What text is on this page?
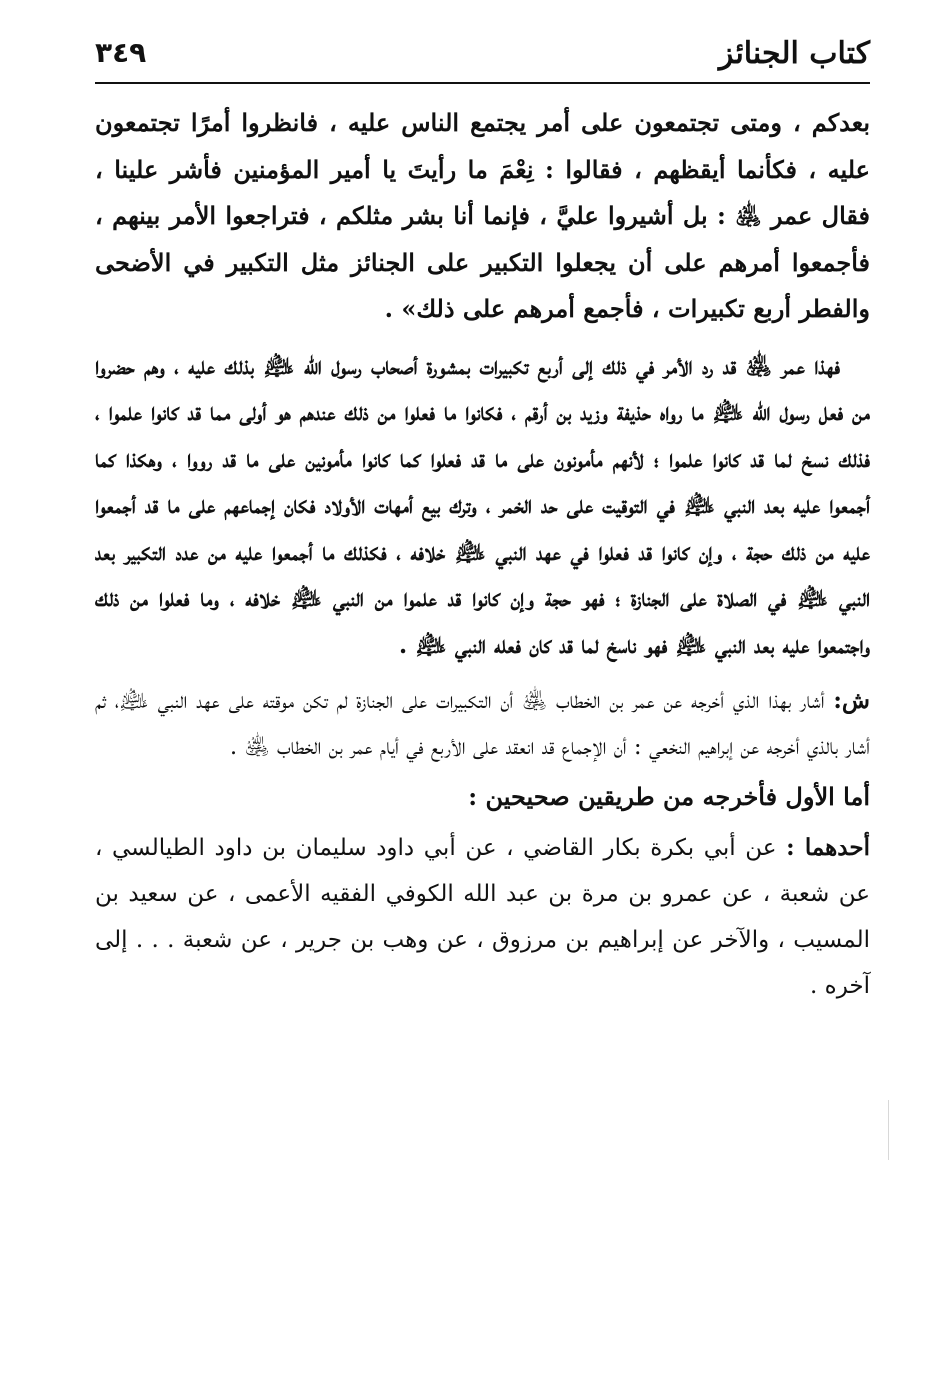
كتاب الجنائز
٣٤٩

بعدكم ، ومتى تجتمعون على أمر يجتمع الناس عليه ، فانظروا أمرًا تجتمعون عليه ، فكأنما أيقظهم ، فقالوا : نِعْمَ ما رأيتَ يا أمير المؤمنين فأشر علينا ، فقال عمر ﵁ : بل أشيروا عليَّ ، فإنما أنا بشر مثلكم ، فتراجعوا الأمر بينهم ، فأجمعوا أمرهم على أن يجعلوا التكبير على الجنائز مثل التكبير في الأضحى والفطر أربع تكبيرات ، فأجمع أمرهم على ذلك» .

فهذا عمر ﵁ قد رد الأمر في ذلك إلى أربع تكبيرات بمشورة أصحاب رسول الله ﵇ بذلك عليه ، وهم حضروا من فعل رسول الله ﵇ ما رواه حذيفة وزيد بن أرقم ، فكانوا ما فعلوا من ذلك عندهم هو أولى مما قد كانوا علموا ، فذلك نسخ لما قد كانوا علموا ؛ لأنهم مأمونون على ما قد فعلوا كما كانوا مأمونين على ما قد رووا ، وهكذا كما أجمعوا عليه بعد النبي ﵇ في التوقيت على حد الخمر ، وترك بيع أمهات الأولاد فكان إجماعهم على ما قد أجمعوا عليه من ذلك حجة ، وإن كانوا قد فعلوا في عهد النبي ﵇ خلافه ، فكذلك ما أجمعوا عليه من عدد التكبير بعد النبي ﵇ في الصلاة على الجنازة ؛ فهو حجة وإن كانوا قد علموا من النبي ﵇ خلافه ، وما فعلوا من ذلك واجتمعوا عليه بعد النبي ﵇ فهو ناسخ لما قد كان فعله النبي ﵇ .

ش: أشار بهذا الذي أخرجه عن عمر بن الخطاب ﵁ أن التكبيرات على الجنازة لم تكن موقته على عهد النبي ﵇، ثم أشار بالذي أخرجه عن إبراهيم النخعي : أن الإجماع قد انعقد على الأربع في أيام عمر بن الخطاب ﵁ .

أما الأول فأخرجه من طريقين صحيحين :

أحدهما : عن أبي بكرة بكار القاضي ، عن أبي داود سليمان بن داود الطيالسي ، عن شعبة ، عن عمرو بن مرة بن عبد الله الكوفي الفقيه الأعمى ، عن سعيد بن المسيب ، والآخر عن إبراهيم بن مرزوق ، عن وهب بن جرير ، عن شعبة . . . إلى آخره .
